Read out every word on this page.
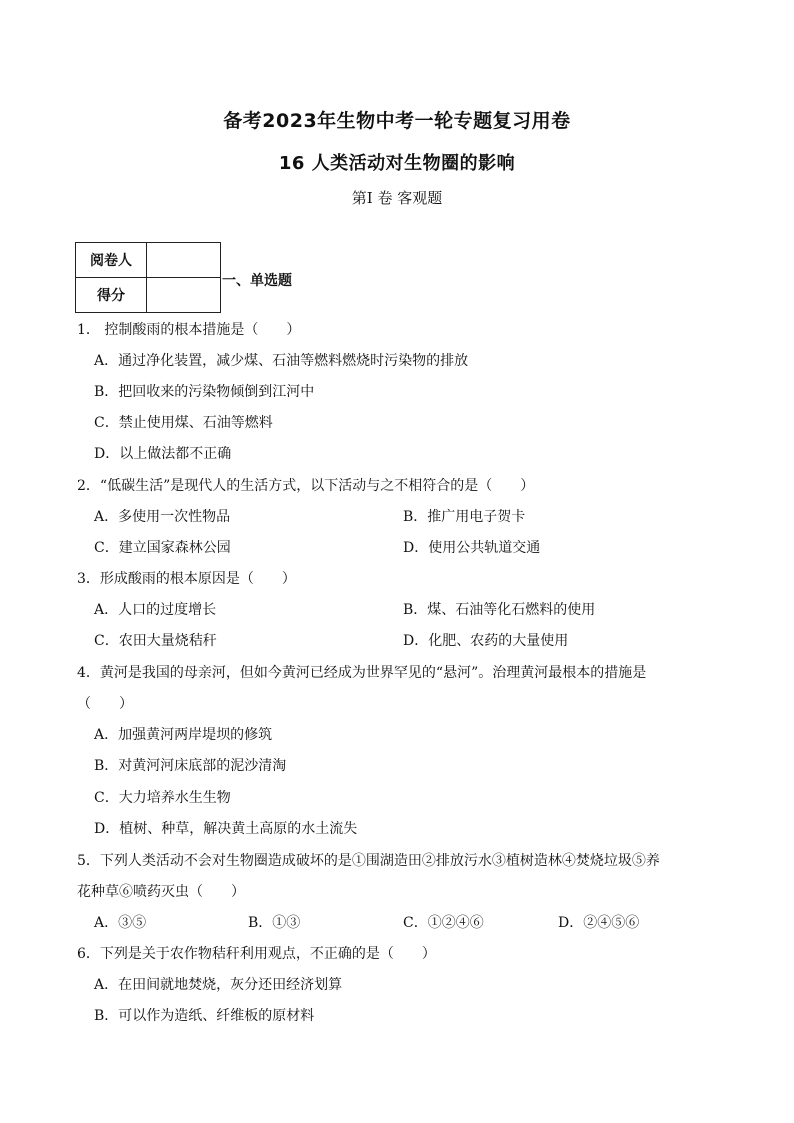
备考2023年生物中考一轮专题复习用卷
16 人类活动对生物圈的影响
第Ⅰ 卷 客观题
阅卷人	
得分	
一、单选题
1． 控制酸雨的根本措施是（　　）
A．通过净化装置，减少煤、石油等燃料燃烧时污染物的排放
B．把回收来的污染物倾倒到江河中
C．禁止使用煤、石油等燃料
D．以上做法都不正确
2．“低碳生活”是现代人的生活方式，以下活动与之不相符合的是（　　）
A．多使用一次性物品	B．推广用电子贺卡
C．建立国家森林公园	D．使用公共轨道交通
3．形成酸雨的根本原因是（　　）
A．人口的过度增长	B．煤、石油等化石燃料的使用
C．农田大量烧秸秆	D．化肥、农药的大量使用
4．黄河是我国的母亲河，但如今黄河已经成为世界罕见的“悬河”。治理黄河最根本的措施是
（　　）
A．加强黄河两岸堤坝的修筑
B．对黄河河床底部的泥沙清淘
C．大力培养水生生物
D．植树、种草，解决黄土高原的水土流失
5．下列人类活动不会对生物圈造成破坏的是①围湖造田②排放污水③植树造林④焚烧垃圾⑤养
花种草⑥喷药灭虫（　　）
A．③⑤	B．①③	C．①②④⑥	D．②④⑤⑥
6．下列是关于农作物秸秆利用观点，不正确的是（　　）
A．在田间就地焚烧，灰分还田经济划算
B．可以作为造纸、纤维板的原材料
